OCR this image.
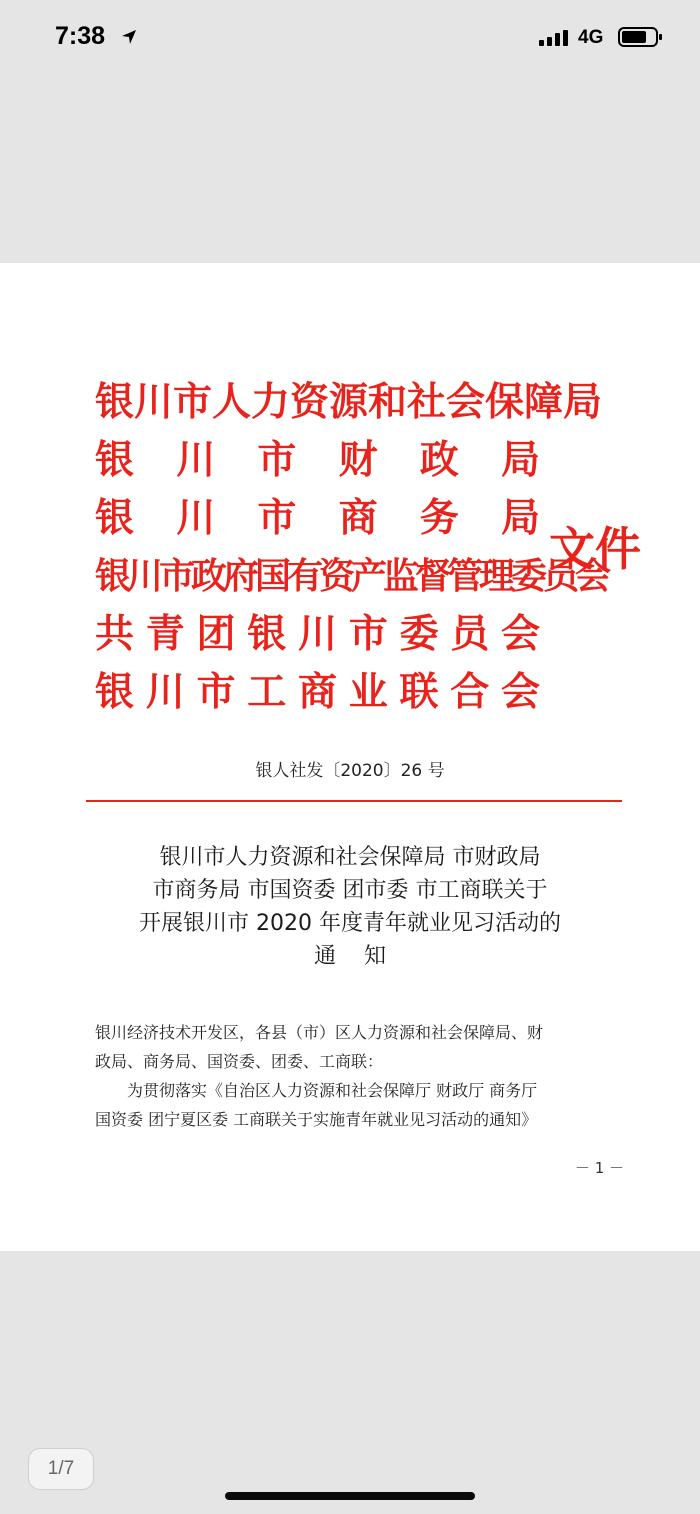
7:38	4G
银川市人力资源和社会保障局
银 川 市 财 政 局
银 川 市 商 务 局
银川市政府国有资产监督管理委员会
共青团银川市委员会
银川市工商业联合会
文件
银人社发〔2020〕26 号
银川市人力资源和社会保障局 市财政局
市商务局 市国资委 团市委 市工商联关于
开展银川市 2020 年度青年就业见习活动的
通    知
银川经济技术开发区，各县（市）区人力资源和社会保障局、财
政局、商务局、国资委、团委、工商联：
为贯彻落实《自治区人力资源和社会保障厅 财政厅 商务厅
国资委 团宁夏区委 工商联关于实施青年就业见习活动的通知》
－ 1 －
1/7
